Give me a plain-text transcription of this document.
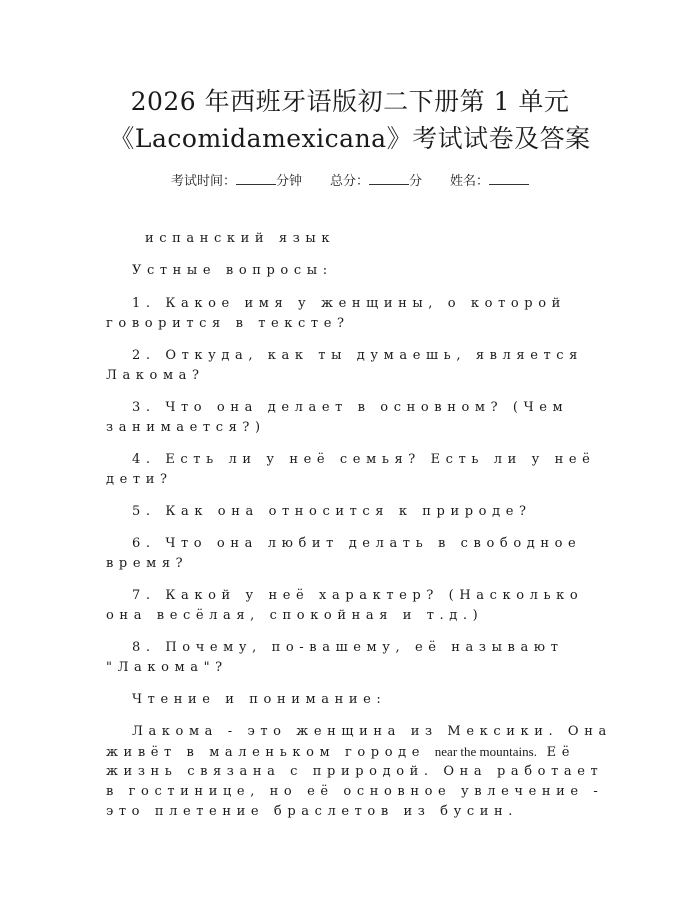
2026 年西班牙语版初二下册第 1 单元
《Lacomidamexicana》考试试卷及答案
考试时间：	分钟 总分：	分 姓名：

испанский язык

Устные вопросы:

1. Какое имя у женщины, о которой

говорится в тексте?

2. Откуда, как ты думаешь, является

Лакома?

3. Что она делает в основном? (Чем

занимается?)

4. Есть ли у неё семья? Есть ли у неё

дети?

5. Как она относится к природе?

6. Что она любит делать в свободное

время?

7. Какой у неё характер? (Насколько

она весёлая, спокойная и т.д.)

8. Почему, по-вашему, её называют

"Лакома"?

Чтение и понимание:

Лакома - это женщина из Мексики. Она

живёт в маленьком городе near the mountains. Её

жизнь связана с природой. Она работает

в гостинице, но её основное увлечение -

это плетение браслетов из бусин.
